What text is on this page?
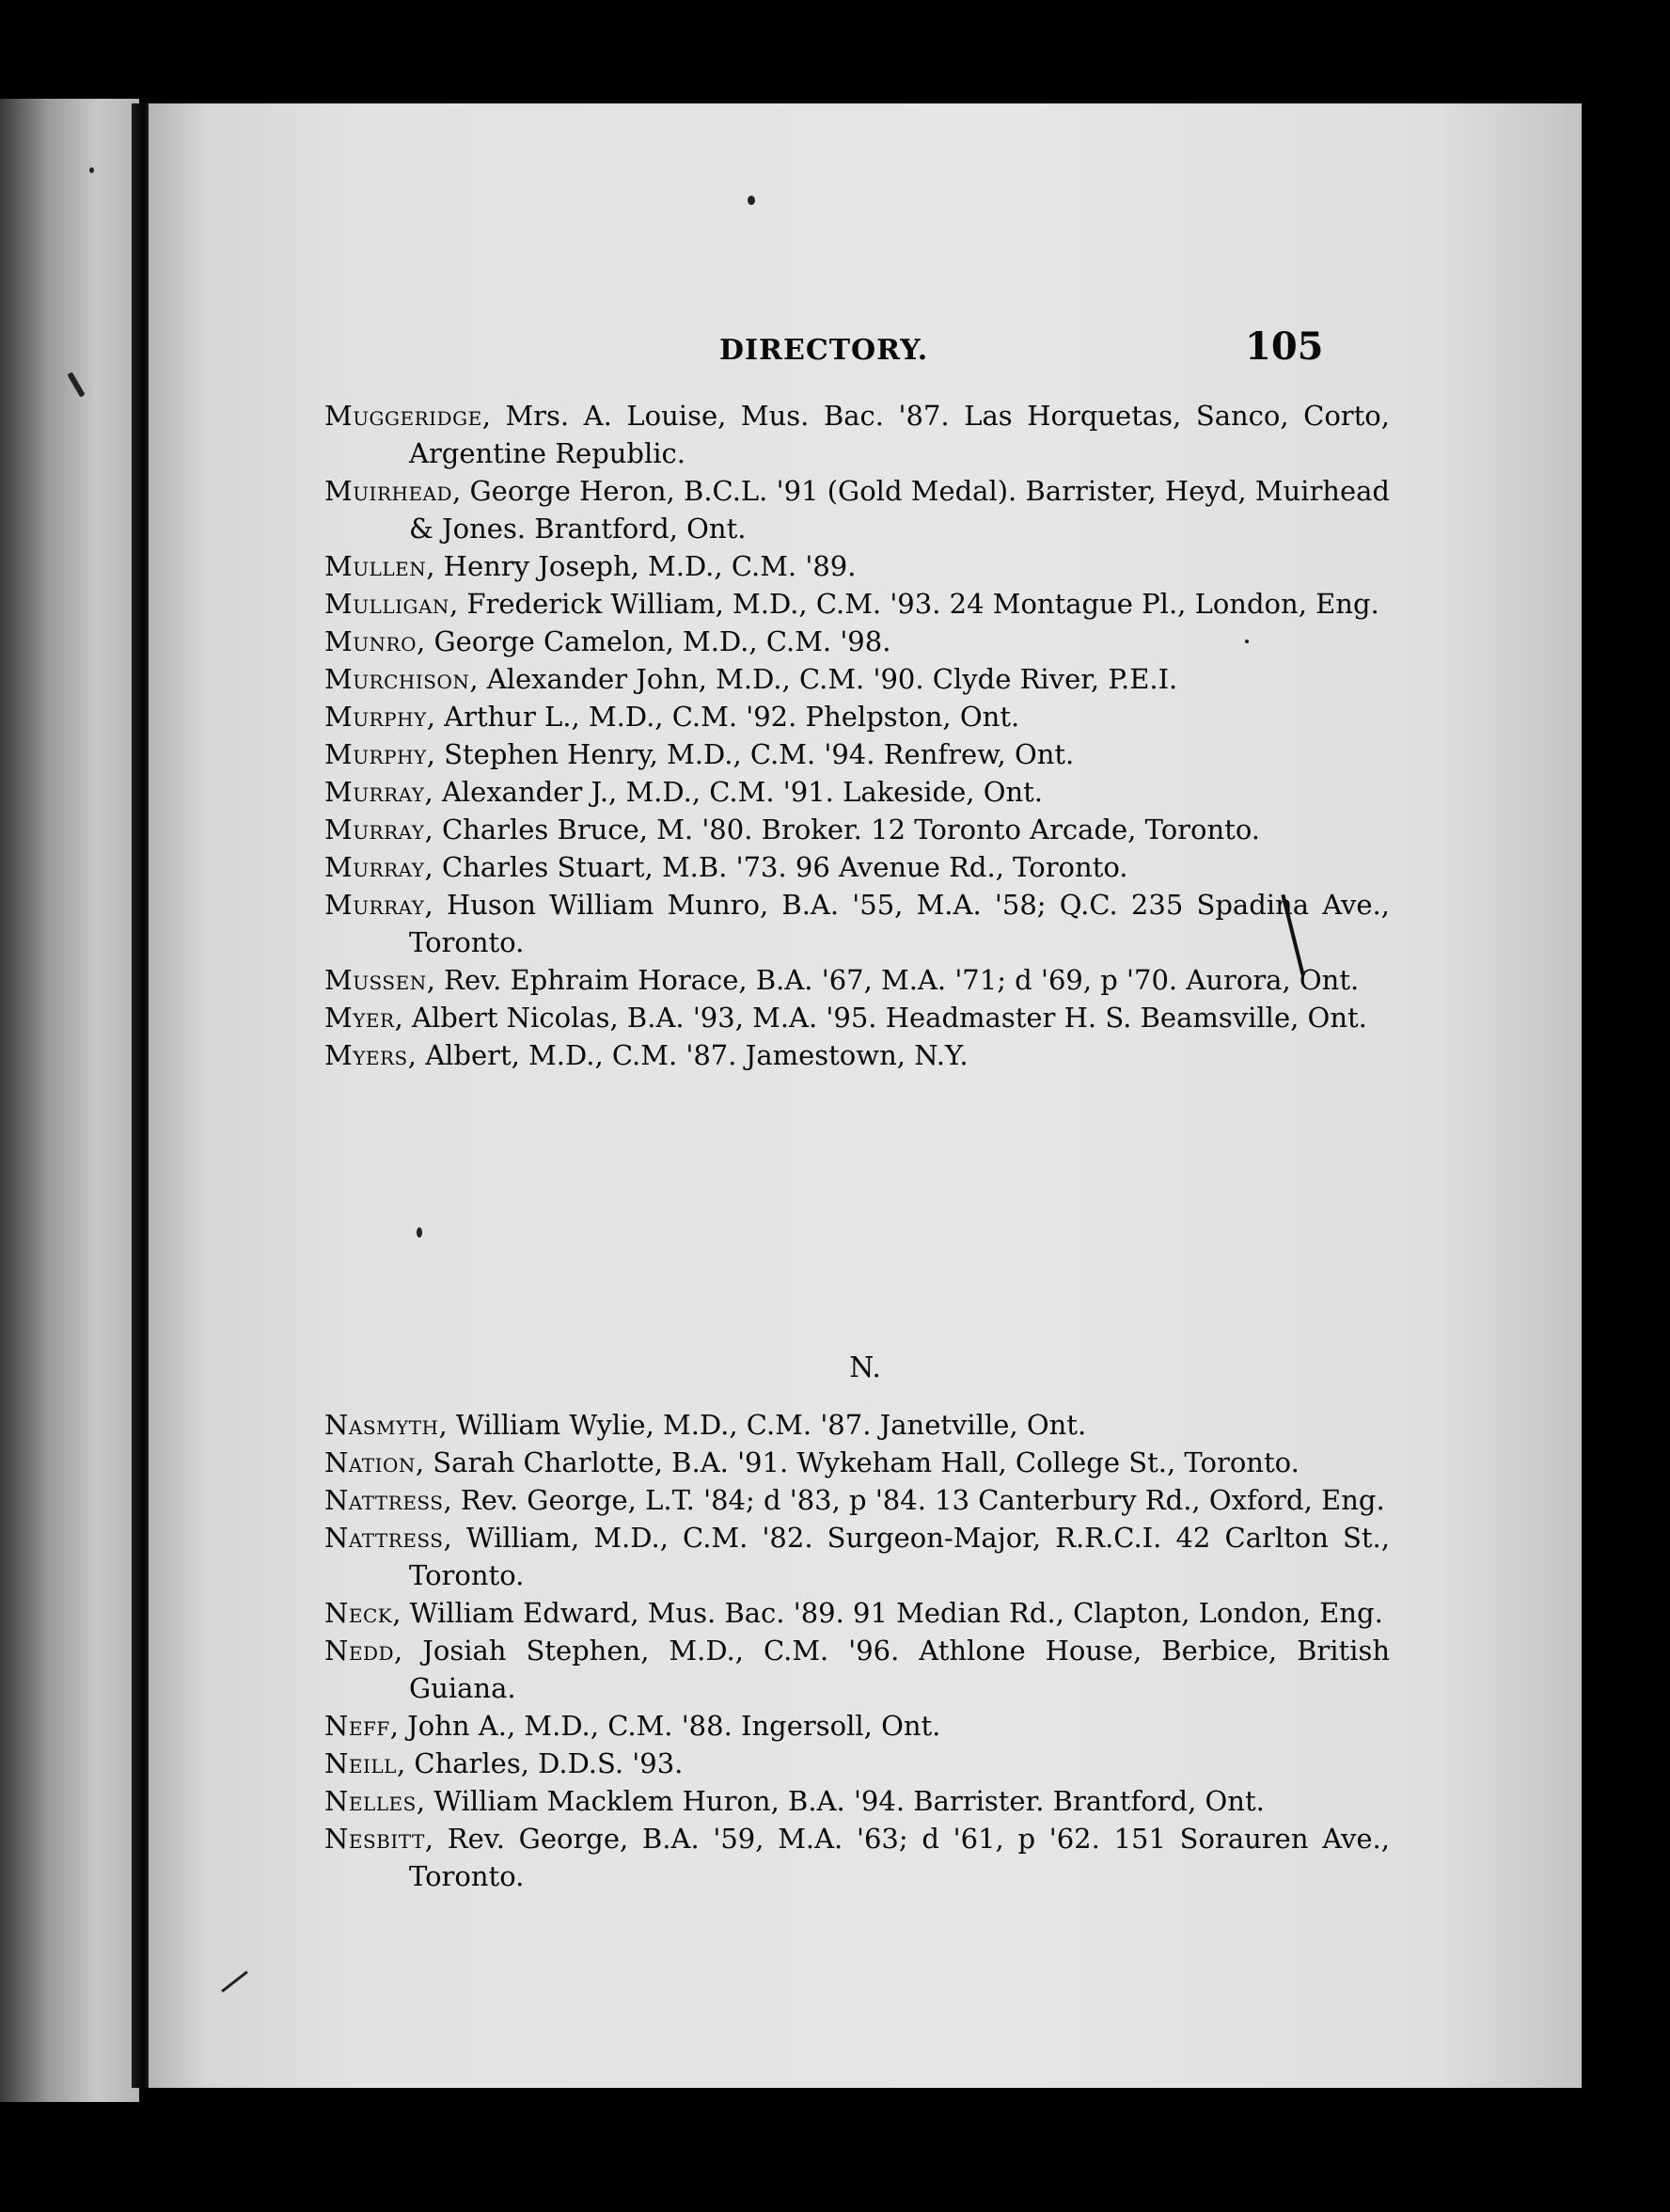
DIRECTORY.	105
Muggeridge, Mrs. A. Louise, Mus. Bac. '87. Las Horquetas, Sanco, Corto, Argentine Republic.
Muirhead, George Heron, B.C.L. '91 (Gold Medal). Barrister, Heyd, Muirhead & Jones. Brantford, Ont.
Mullen, Henry Joseph, M.D., C.M. '89.
Mulligan, Frederick William, M.D., C.M. '93. 24 Montague Pl., London, Eng.
Munro, George Camelon, M.D., C.M. '98.
Murchison, Alexander John, M.D., C.M. '90. Clyde River, P.E.I.
Murphy, Arthur L., M.D., C.M. '92. Phelpston, Ont.
Murphy, Stephen Henry, M.D., C.M. '94. Renfrew, Ont.
Murray, Alexander J., M.D., C.M. '91. Lakeside, Ont.
Murray, Charles Bruce, M. '80. Broker. 12 Toronto Arcade, Toronto.
Murray, Charles Stuart, M.B. '73. 96 Avenue Rd., Toronto.
Murray, Huson William Munro, B.A. '55, M.A. '58; Q.C. 235 Spadina Ave., Toronto.
Mussen, Rev. Ephraim Horace, B.A. '67, M.A. '71; d '69, p '70. Aurora, Ont.
Myer, Albert Nicolas, B.A. '93, M.A. '95. Headmaster H. S. Beamsville, Ont.
Myers, Albert, M.D., C.M. '87. Jamestown, N.Y.
N.
Nasmyth, William Wylie, M.D., C.M. '87. Janetville, Ont.
Nation, Sarah Charlotte, B.A. '91. Wykeham Hall, College St., Toronto.
Nattress, Rev. George, L.T. '84; d '83, p '84. 13 Canterbury Rd., Oxford, Eng.
Nattress, William, M.D., C.M. '82. Surgeon-Major, R.R.C.I. 42 Carlton St., Toronto.
Neck, William Edward, Mus. Bac. '89. 91 Median Rd., Clapton, London, Eng.
Nedd, Josiah Stephen, M.D., C.M. '96. Athlone House, Berbice, British Guiana.
Neff, John A., M.D., C.M. '88. Ingersoll, Ont.
Neill, Charles, D.D.S. '93.
Nelles, William Macklem Huron, B.A. '94. Barrister. Brantford, Ont.
Nesbitt, Rev. George, B.A. '59, M.A. '63; d '61, p '62. 151 Sorauren Ave., Toronto.
